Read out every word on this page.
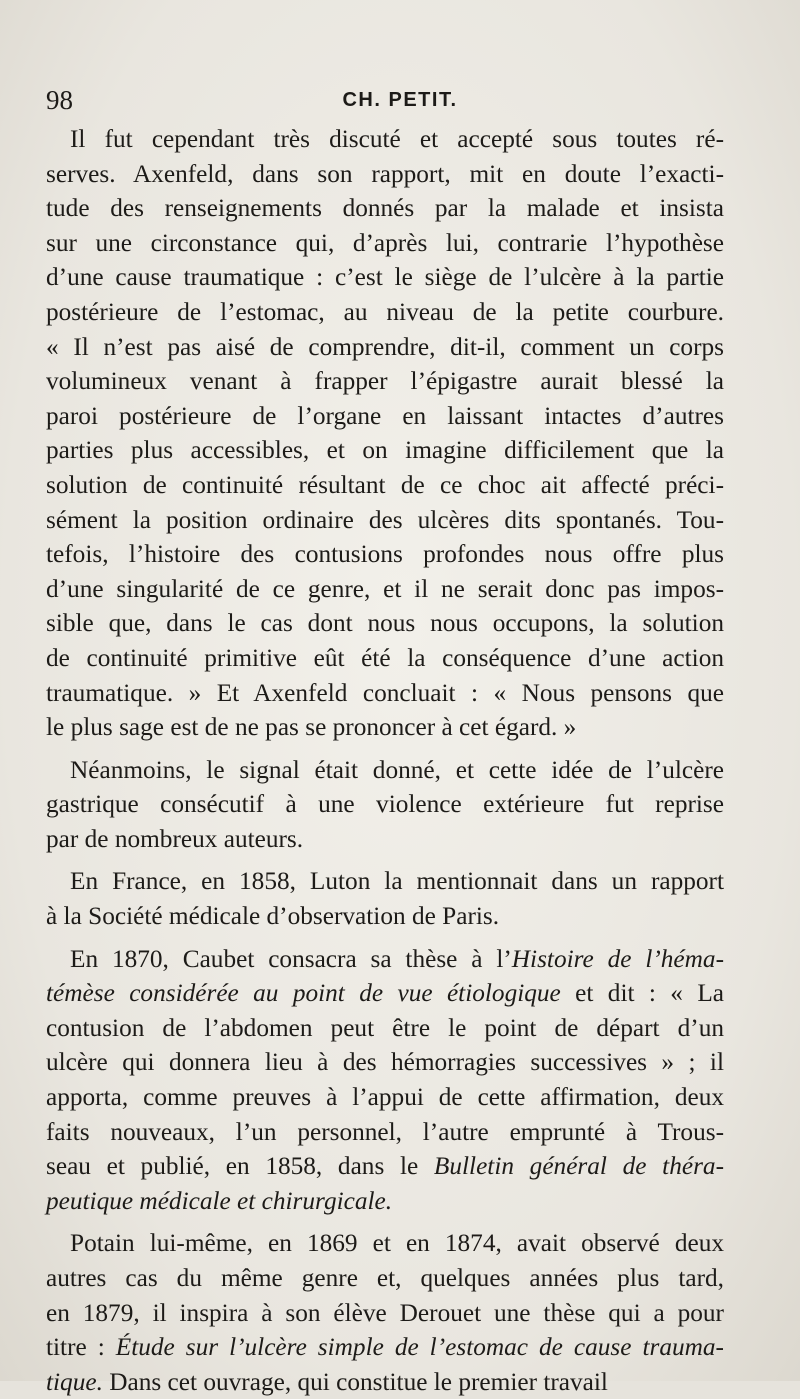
98	CH. PETIT.
Il fut cependant très discuté et accepté sous toutes ré-
serves. Axenfeld, dans son rapport, mit en doute l’exacti-
tude des renseignements donnés par la malade et insista
sur une circonstance qui, d’après lui, contrarie l’hypothèse
d’une cause traumatique : c’est le siège de l’ulcère à la partie
postérieure de l’estomac, au niveau de la petite courbure.
« Il n’est pas aisé de comprendre, dit-il, comment un corps
volumineux venant à frapper l’épigastre aurait blessé la
paroi postérieure de l’organe en laissant intactes d’autres
parties plus accessibles, et on imagine difficilement que la
solution de continuité résultant de ce choc ait affecté préci-
sément la position ordinaire des ulcères dits spontanés. Tou-
tefois, l’histoire des contusions profondes nous offre plus
d’une singularité de ce genre, et il ne serait donc pas impos-
sible que, dans le cas dont nous nous occupons, la solution
de continuité primitive eût été la conséquence d’une action
traumatique. » Et Axenfeld concluait : « Nous pensons que
le plus sage est de ne pas se prononcer à cet égard. »
Néanmoins, le signal était donné, et cette idée de l’ulcère
gastrique consécutif à une violence extérieure fut reprise
par de nombreux auteurs.
En France, en 1858, Luton la mentionnait dans un rapport
à la Société médicale d’observation de Paris.
En 1870, Caubet consacra sa thèse à l’Histoire de l’héma-
témèse considérée au point de vue étiologique et dit : « La
contusion de l’abdomen peut être le point de départ d’un
ulcère qui donnera lieu à des hémorragies successives » ; il
apporta, comme preuves à l’appui de cette affirmation, deux
faits nouveaux, l’un personnel, l’autre emprunté à Trous-
seau et publié, en 1858, dans le Bulletin général de théra-
peutique médicale et chirurgicale.
Potain lui-même, en 1869 et en 1874, avait observé deux
autres cas du même genre et, quelques années plus tard,
en 1879, il inspira à son élève Derouet une thèse qui a pour
titre : Étude sur l’ulcère simple de l’estomac de cause trauma-
tique. Dans cet ouvrage, qui constitue le premier travail
